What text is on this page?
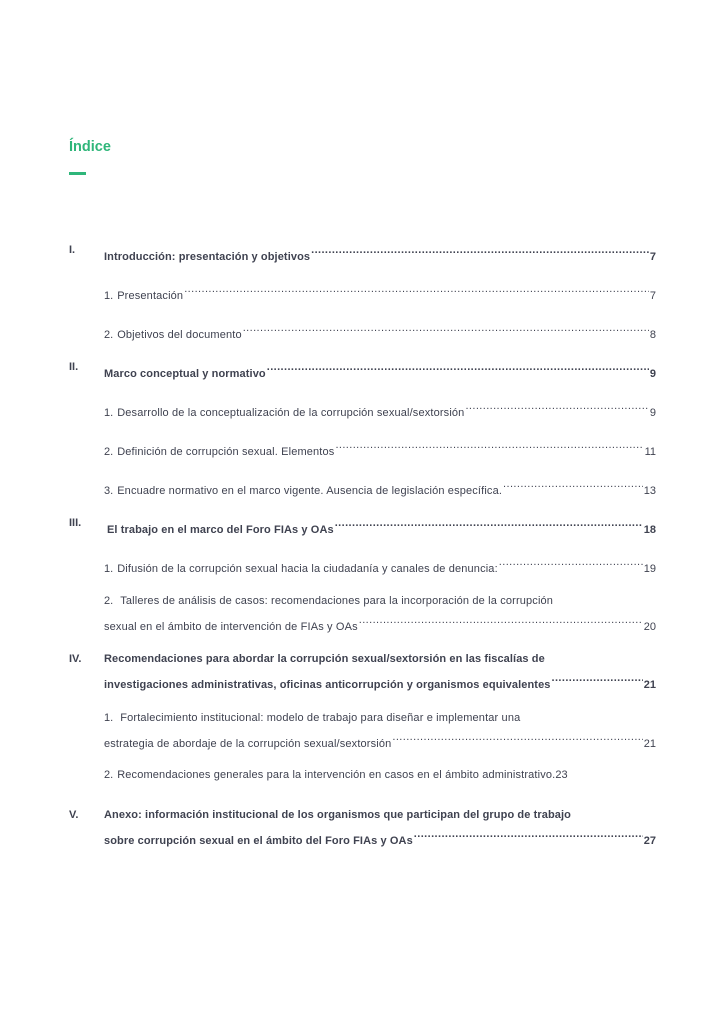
Índice
I.
Introducción: presentación y objetivos .....	7
1. Presentación .....	7
2. Objetivos del documento .....	8
II.
Marco conceptual y normativo .....	9
1. Desarrollo de la conceptualización de la corrupción sexual/sextorsión .....	9
2. Definición de corrupción sexual. Elementos .....	11
3. Encuadre normativo en el marco vigente. Ausencia de legislación específica. .....	13
III.
El trabajo en el marco del Foro FIAs y OAs .....	18
1. Difusión de la corrupción sexual hacia la ciudadanía y canales de denuncia: .....	19
2. Talleres de análisis de casos: recomendaciones para la incorporación de la corrupción
sexual en el ámbito de intervención de FIAs y OAs .....	20
IV. Recomendaciones para abordar la corrupción sexual/sextorsión en las fiscalías de
investigaciones administrativas, oficinas anticorrupción y organismos equivalentes .....	21
1. Fortalecimiento institucional: modelo de trabajo para diseñar e implementar una
estrategia de abordaje de la corrupción sexual/sextorsión .....	21
2. Recomendaciones generales para la intervención en casos en el ámbito administrativo. 23
V. Anexo: información institucional de los organismos que participan del grupo de trabajo
sobre corrupción sexual en el ámbito del Foro FIAs y OAs .....	27
